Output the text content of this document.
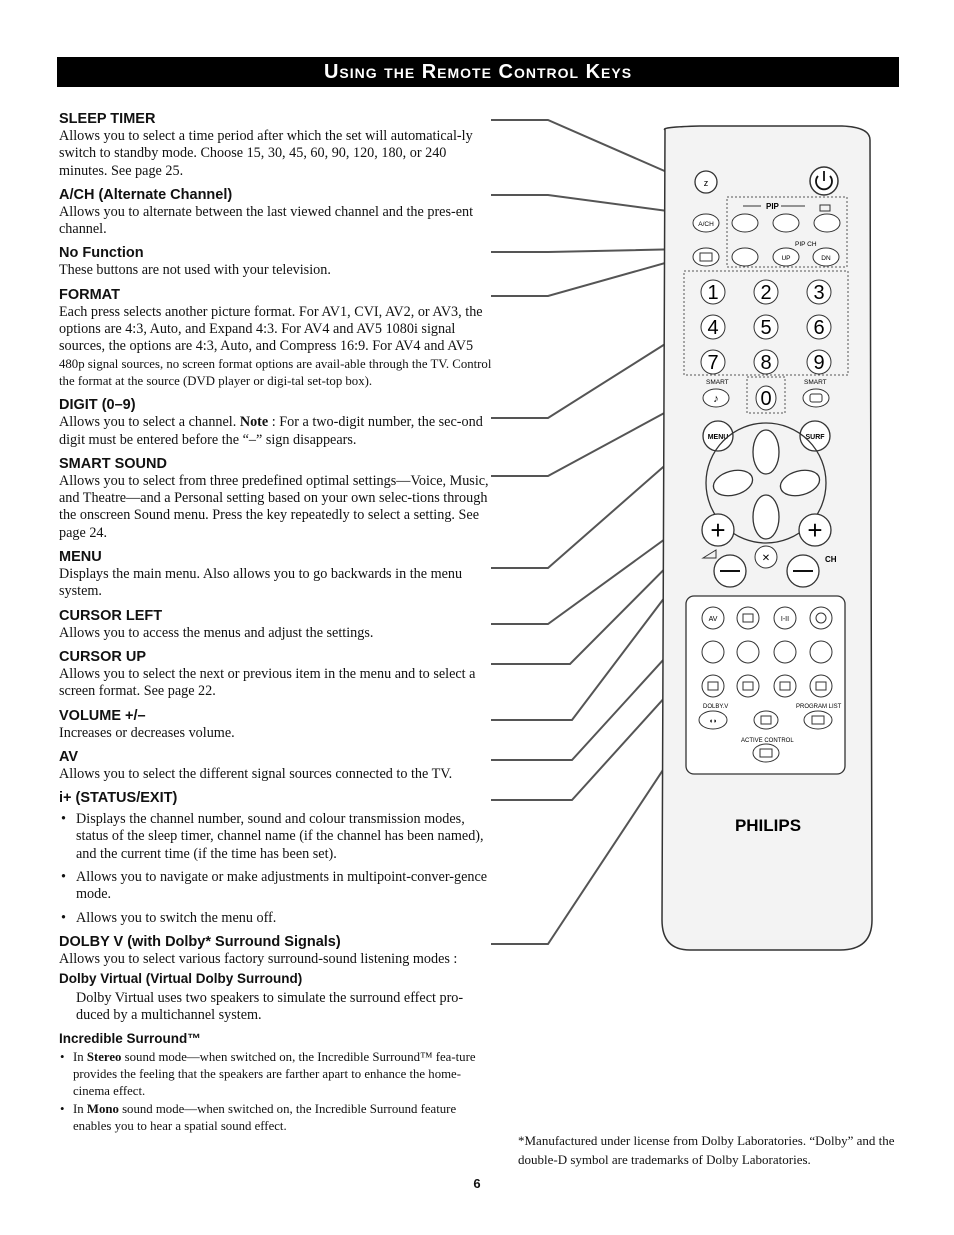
Using the Remote Control Keys
SLEEP TIMER

Allows you to select a time period after which the set will automatical-ly switch to standby mode. Choose 15, 30, 45, 60, 90, 120, 180, or 240 minutes. See page 25.

A/CH (Alternate Channel)

Allows you to alternate between the last viewed channel and the pres-ent channel.

No Function

These buttons are not used with your television.

FORMAT

Each press selects another picture format. For AV1, CVI, AV2, or AV3, the options are 4:3, Auto, and Expand 4:3. For AV4 and AV5 1080i signal sources, the options are 4:3, Auto, and Compress 16:9. For AV4 and AV5 480p signal sources, no screen format options are avail-able through the TV. Control the format at the source (DVD player or digi-tal set-top box).

DIGIT (0–9)

Allows you to select a channel. Note : For a two-digit number, the sec-ond digit must be entered before the “–” sign disappears.

SMART SOUND

Allows you to select from three predefined optimal settings—Voice, Music, and Theatre—and a Personal setting based on your own selec-tions through the onscreen Sound menu. Press the key repeatedly to select a setting. See page 24.

MENU

Displays the main menu. Also allows you to go backwards in the menu system.

CURSOR LEFT

Allows you to access the menus and adjust the settings.

CURSOR UP

Allows you to select the next or previous item in the menu and to select a screen format. See page 22.

VOLUME +/–

Increases or decreases volume.

AV

Allows you to select the different signal sources connected to the TV.

i+ (STATUS/EXIT)
• Displays the channel number, sound and colour transmission modes, status of the sleep timer, channel name (if the channel has been named), and the current time (if the time has been set).
• Allows you to navigate or make adjustments in multipoint-conver-gence mode.
• Allows you to switch the menu off.
DOLBY V (with Dolby* Surround Signals)

Allows you to select various factory surround-sound listening modes :

Dolby Virtual (Virtual Dolby Surround)

Dolby Virtual uses two speakers to simulate the surround effect pro-duced by a multichannel system.

Incredible Surround™
• In Stereo sound mode—when switched on, the Incredible Surround™ fea-ture provides the feeling that the speakers are farther apart to enhance the home-cinema effect.
• In Mono sound mode—when switched on, the Incredible Surround feature enables you to hear a spatial sound effect.
*Manufactured under license from Dolby Laboratories. “Dolby” and the double-D symbol are trademarks of Dolby Laboratories.
6
z
PIP
A/CH
PIP CH
UP	DN
1 2 3
4 5 6
7 8 9
0
SMART	SMART
♪
MENU	SURF
+	+
✕	CH
AV	I-II
DOLBY.V	PROGRAM LIST
◖◗
ACTIVE CONTROL
PHILIPS
